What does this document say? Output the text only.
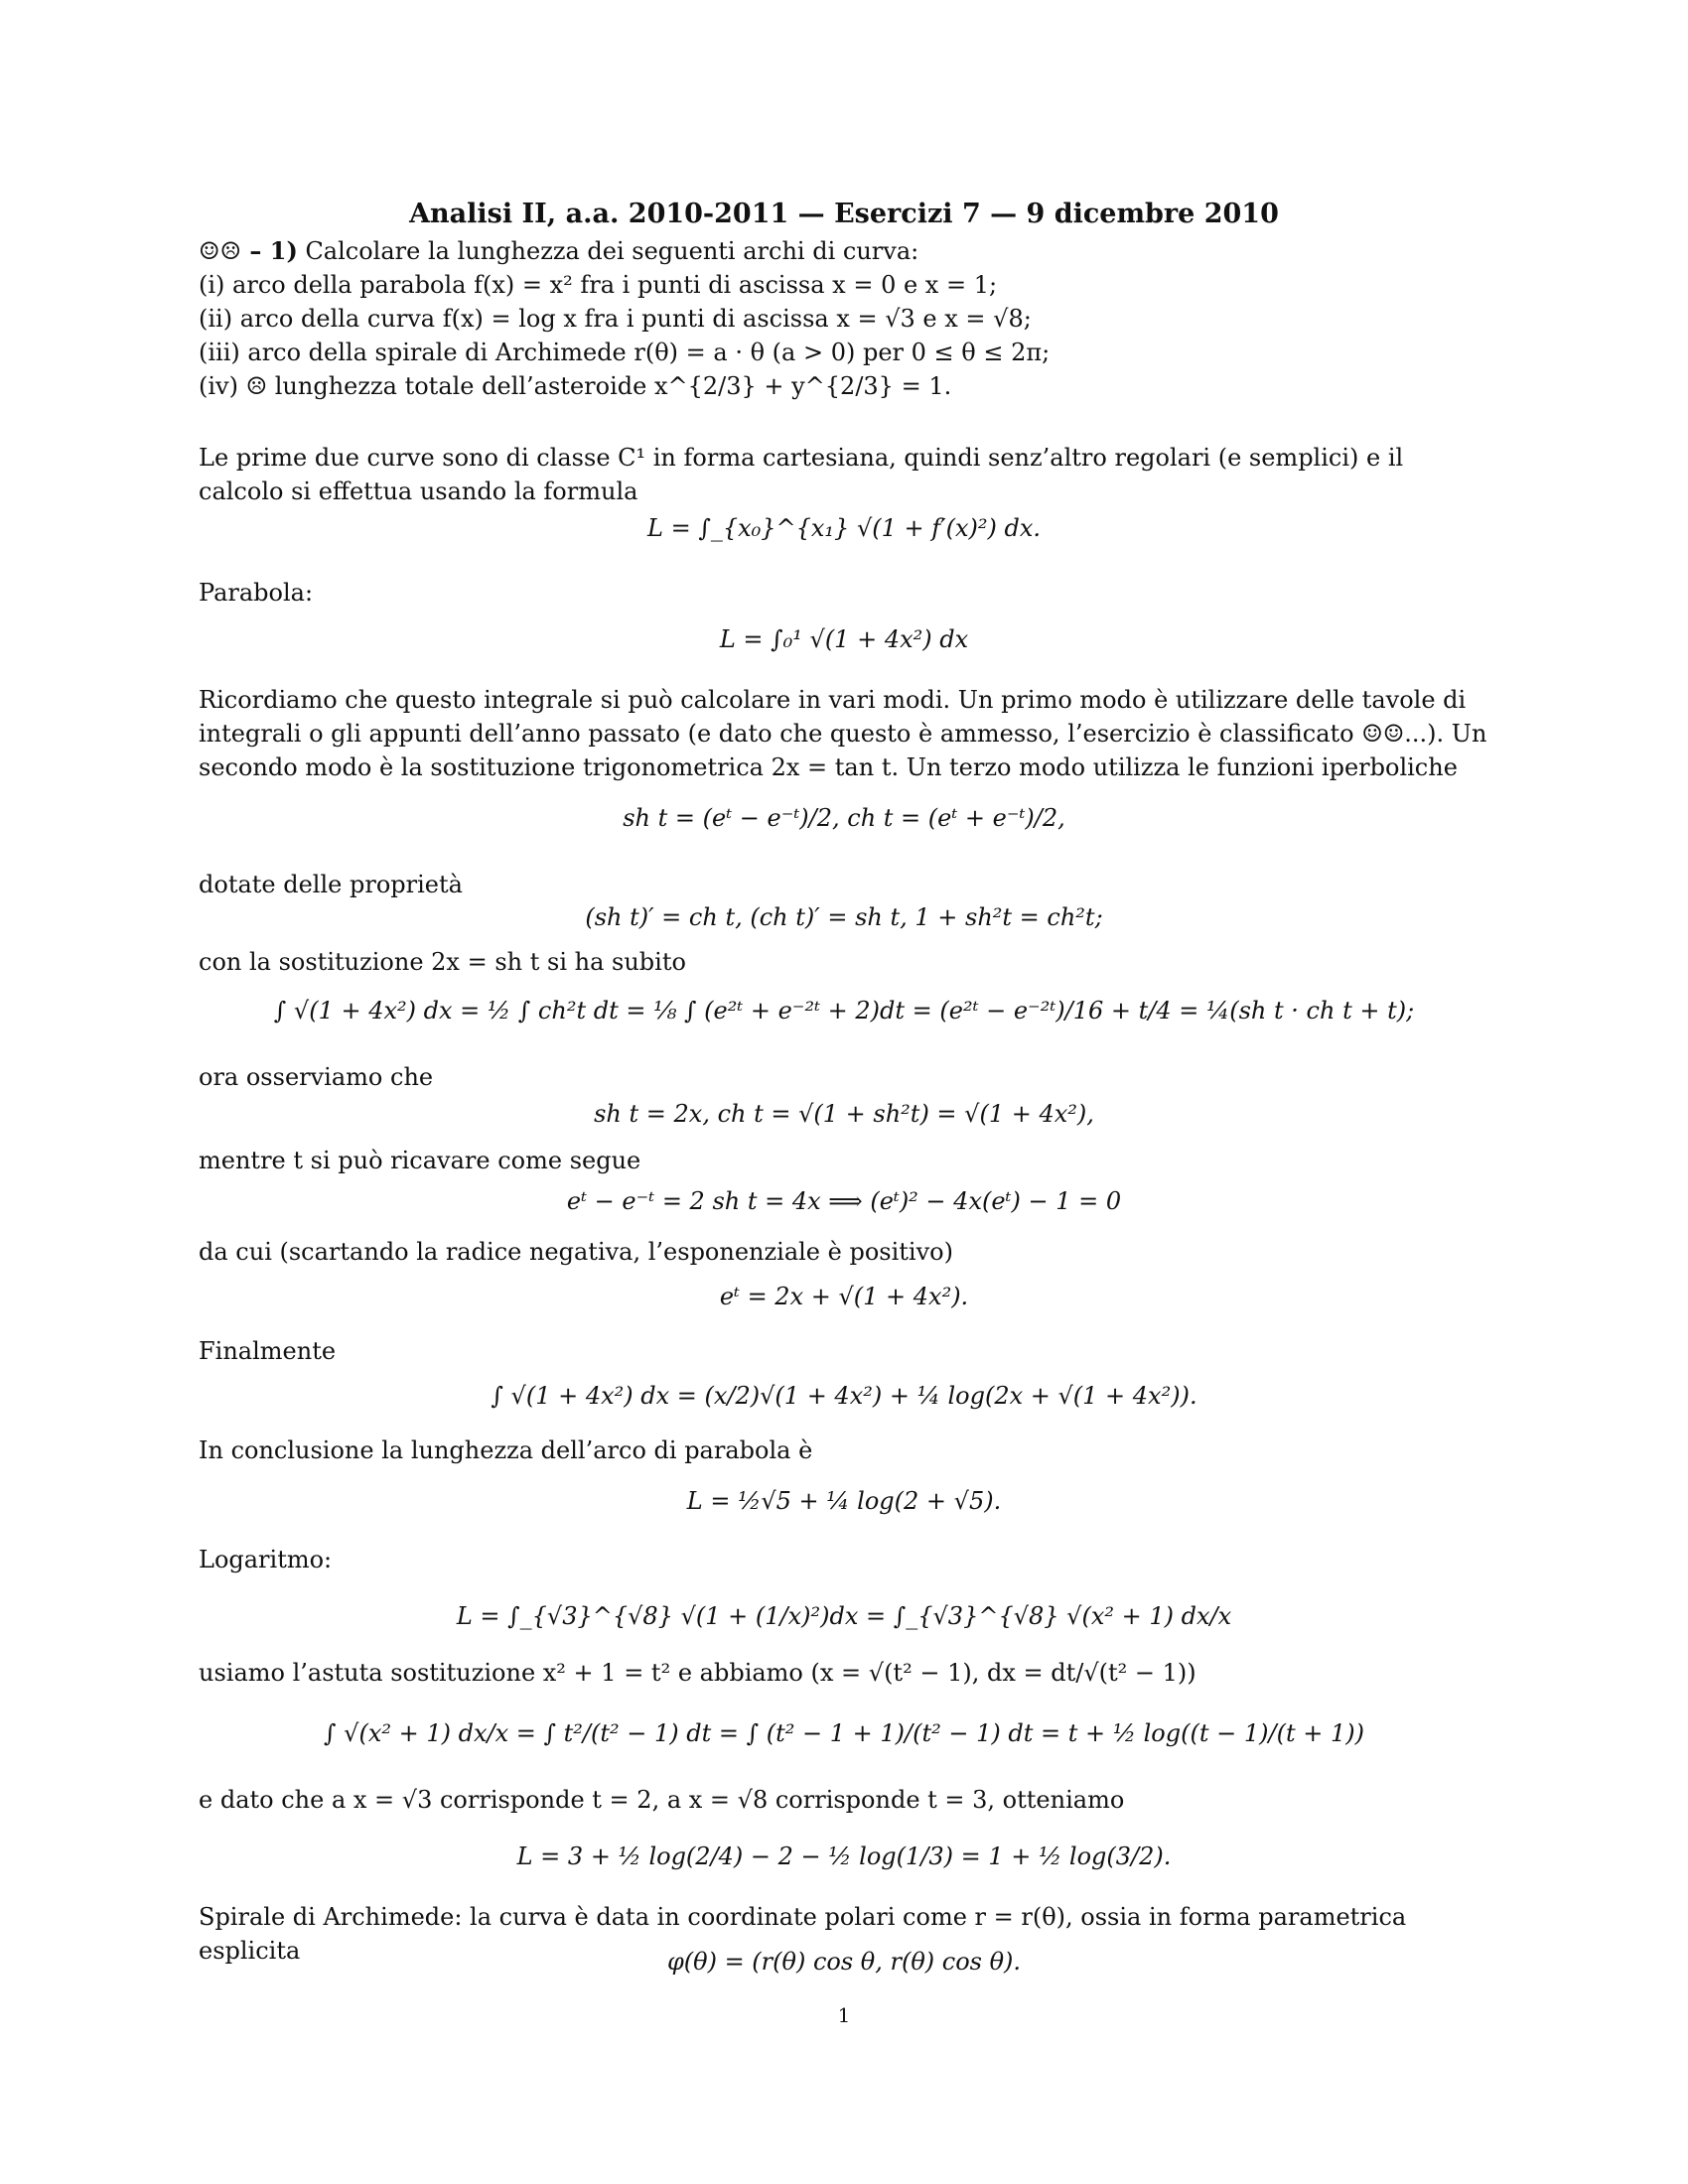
Analisi II, a.a. 2010-2011 — Esercizi 7 — 9 dicembre 2010
☺☹ – 1) Calcolare la lunghezza dei seguenti archi di curva:
(i) arco della parabola f(x) = x² fra i punti di ascissa x = 0 e x = 1;
(ii) arco della curva f(x) = log x fra i punti di ascissa x = √3 e x = √8;
(iii) arco della spirale di Archimede r(θ) = a · θ (a > 0) per 0 ≤ θ ≤ 2π;
(iv) ☹ lunghezza totale dell’asteroide x^{2/3} + y^{2/3} = 1.
Le prime due curve sono di classe C¹ in forma cartesiana, quindi senz’altro regolari (e semplici) e il calcolo si effettua usando la formula
L = ∫_{x₀}^{x₁} √(1 + f′(x)²) dx.
Parabola:
L = ∫₀¹ √(1 + 4x²) dx
Ricordiamo che questo integrale si può calcolare in vari modi. Un primo modo è utilizzare delle tavole di integrali o gli appunti dell’anno passato (e dato che questo è ammesso, l’esercizio è classificato ☺☺...). Un secondo modo è la sostituzione trigonometrica 2x = tan t. Un terzo modo utilizza le funzioni iperboliche
sh t = (eᵗ − e⁻ᵗ)/2, ch t = (eᵗ + e⁻ᵗ)/2,
dotate delle proprietà
(sh t)′ = ch t, (ch t)′ = sh t, 1 + sh²t = ch²t;
con la sostituzione 2x = sh t si ha subito
∫ √(1 + 4x²) dx = ½ ∫ ch²t dt = ⅛ ∫ (e²ᵗ + e⁻²ᵗ + 2)dt = (e²ᵗ − e⁻²ᵗ)/16 + t/4 = ¼(sh t · ch t + t);
ora osserviamo che
sh t = 2x, ch t = √(1 + sh²t) = √(1 + 4x²),
mentre t si può ricavare come segue
eᵗ − e⁻ᵗ = 2 sh t = 4x ⟹ (eᵗ)² − 4x(eᵗ) − 1 = 0
da cui (scartando la radice negativa, l’esponenziale è positivo)
eᵗ = 2x + √(1 + 4x²).
Finalmente
∫ √(1 + 4x²) dx = (x/2)√(1 + 4x²) + ¼ log(2x + √(1 + 4x²)).
In conclusione la lunghezza dell’arco di parabola è
L = ½√5 + ¼ log(2 + √5).
Logaritmo:
L = ∫_{√3}^{√8} √(1 + (1/x)²)dx = ∫_{√3}^{√8} √(x² + 1) dx/x
usiamo l’astuta sostituzione x² + 1 = t² e abbiamo (x = √(t² − 1), dx = dt/√(t² − 1))
∫ √(x² + 1) dx/x = ∫ t²/(t² − 1) dt = ∫ (t² − 1 + 1)/(t² − 1) dt = t + ½ log((t − 1)/(t + 1))
e dato che a x = √3 corrisponde t = 2, a x = √8 corrisponde t = 3, otteniamo
L = 3 + ½ log(2/4) − 2 − ½ log(1/3) = 1 + ½ log(3/2).
Spirale di Archimede: la curva è data in coordinate polari come r = r(θ), ossia in forma parametrica esplicita	φ(θ) = (r(θ) cos θ, r(θ) cos θ).
1
